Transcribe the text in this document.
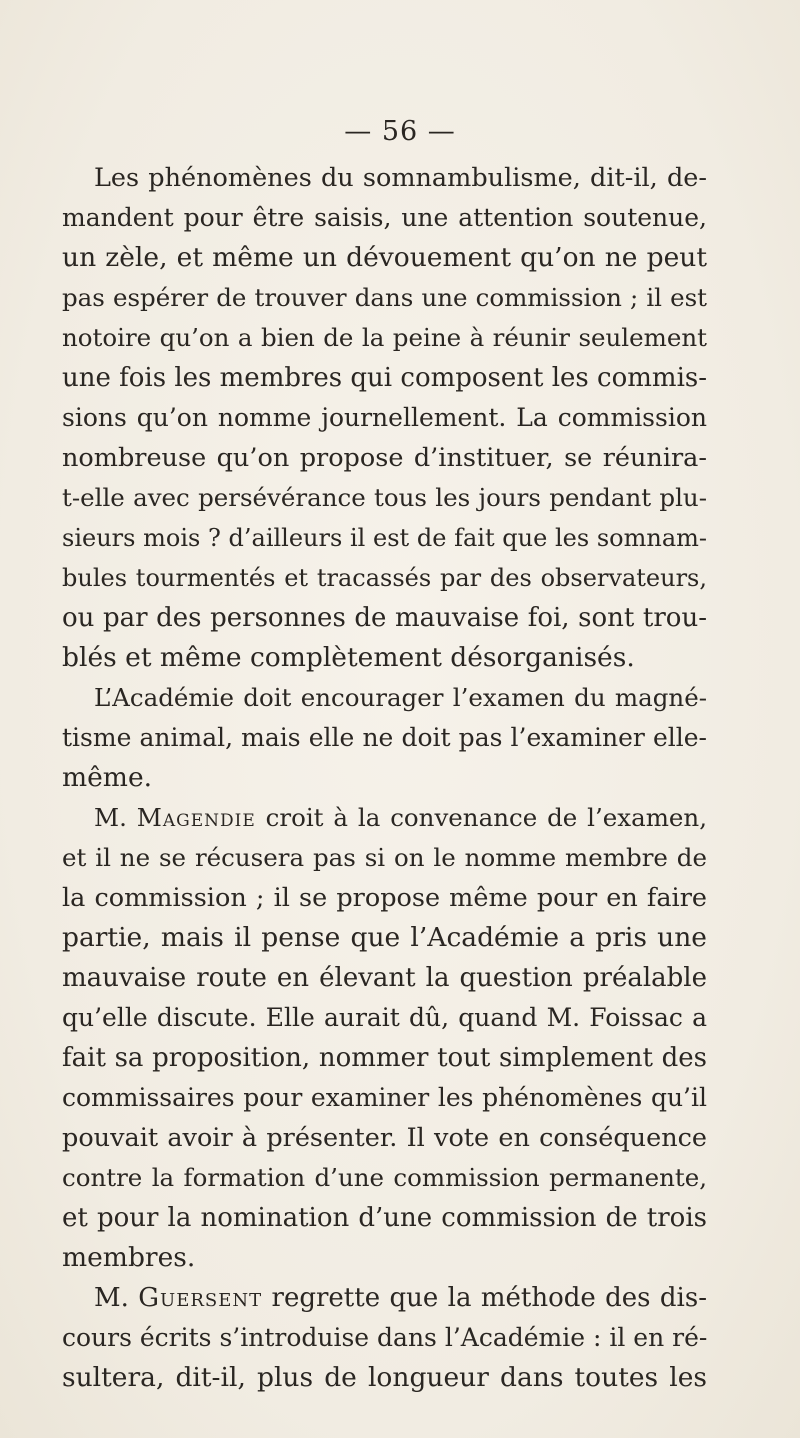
— 56 —
Les phénomènes du somnambulisme, dit-il, de-
mandent pour être saisis, une attention soutenue,
un zèle, et même un dévouement qu’on ne peut
pas espérer de trouver dans une commission ; il est
notoire qu’on a bien de la peine à réunir seulement
une fois les membres qui composent les commis-
sions qu’on nomme journellement. La commission
nombreuse qu’on propose d’instituer, se réunira-
t-elle avec persévérance tous les jours pendant plu-
sieurs mois ? d’ailleurs il est de fait que les somnam-
bules tourmentés et tracassés par des observateurs,
ou par des personnes de mauvaise foi, sont trou-
blés et même complètement désorganisés.
L’Académie doit encourager l’examen du magné-
tisme animal, mais elle ne doit pas l’examiner elle-
même.
M. Magendie croit à la convenance de l’examen,
et il ne se récusera pas si on le nomme membre de
la commission ; il se propose même pour en faire
partie, mais il pense que l’Académie a pris une
mauvaise route en élevant la question préalable
qu’elle discute. Elle aurait dû, quand M. Foissac a
fait sa proposition, nommer tout simplement des
commissaires pour examiner les phénomènes qu’il
pouvait avoir à présenter. Il vote en conséquence
contre la formation d’une commission permanente,
et pour la nomination d’une commission de trois
membres.
M. Guersent regrette que la méthode des dis-
cours écrits s’introduise dans l’Académie : il en ré-
sultera, dit-il, plus de longueur dans toutes les
